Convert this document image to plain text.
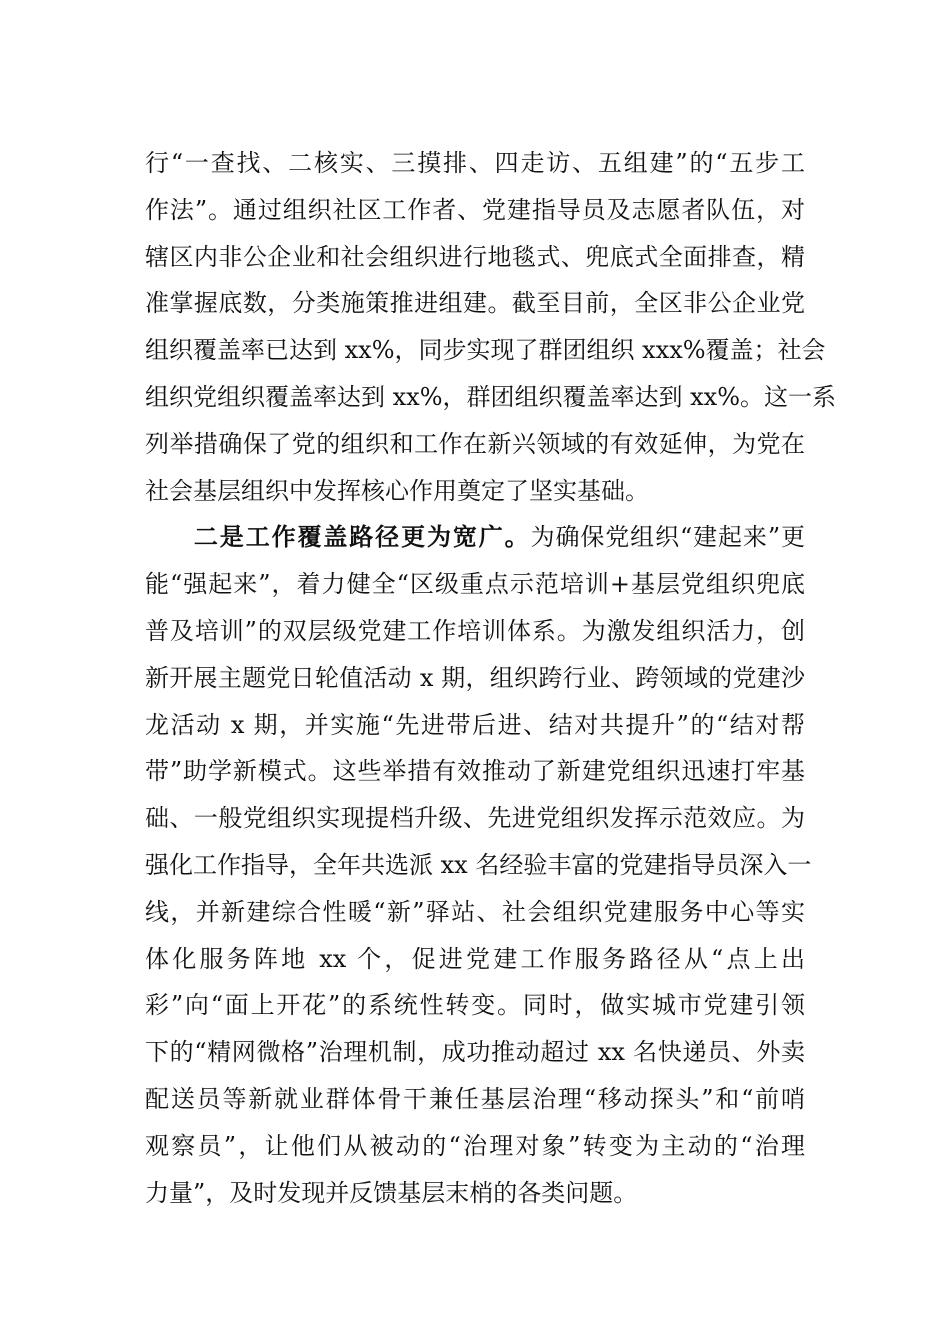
行“一查找、二核实、三摸排、四走访、五组建”的“五步工
作法”。通过组织社区工作者、党建指导员及志愿者队伍，对
辖区内非公企业和社会组织进行地毯式、兜底式全面排查，精
准掌握底数，分类施策推进组建。截至目前，全区非公企业党
组织覆盖率已达到 xx%，同步实现了群团组织 xxx%覆盖；社会
组织党组织覆盖率达到 xx%，群团组织覆盖率达到 xx%。这一系
列举措确保了党的组织和工作在新兴领域的有效延伸，为党在
社会基层组织中发挥核心作用奠定了坚实基础。
二是工作覆盖路径更为宽广。为确保党组织“建起来”更
能“强起来”，着力健全“区级重点示范培训+基层党组织兜底
普及培训”的双层级党建工作培训体系。为激发组织活力，创
新开展主题党日轮值活动 x 期，组织跨行业、跨领域的党建沙
龙活动 x 期，并实施“先进带后进、结对共提升”的“结对帮
带”助学新模式。这些举措有效推动了新建党组织迅速打牢基
础、一般党组织实现提档升级、先进党组织发挥示范效应。为
强化工作指导，全年共选派 xx 名经验丰富的党建指导员深入一
线，并新建综合性暖“新”驿站、社会组织党建服务中心等实
体化服务阵地 xx 个，促进党建工作服务路径从“点上出
彩”向“面上开花”的系统性转变。同时，做实城市党建引领
下的“精网微格”治理机制，成功推动超过 xx 名快递员、外卖
配送员等新就业群体骨干兼任基层治理“移动探头”和“前哨
观察员”，让他们从被动的“治理对象”转变为主动的“治理
力量”，及时发现并反馈基层末梢的各类问题。
